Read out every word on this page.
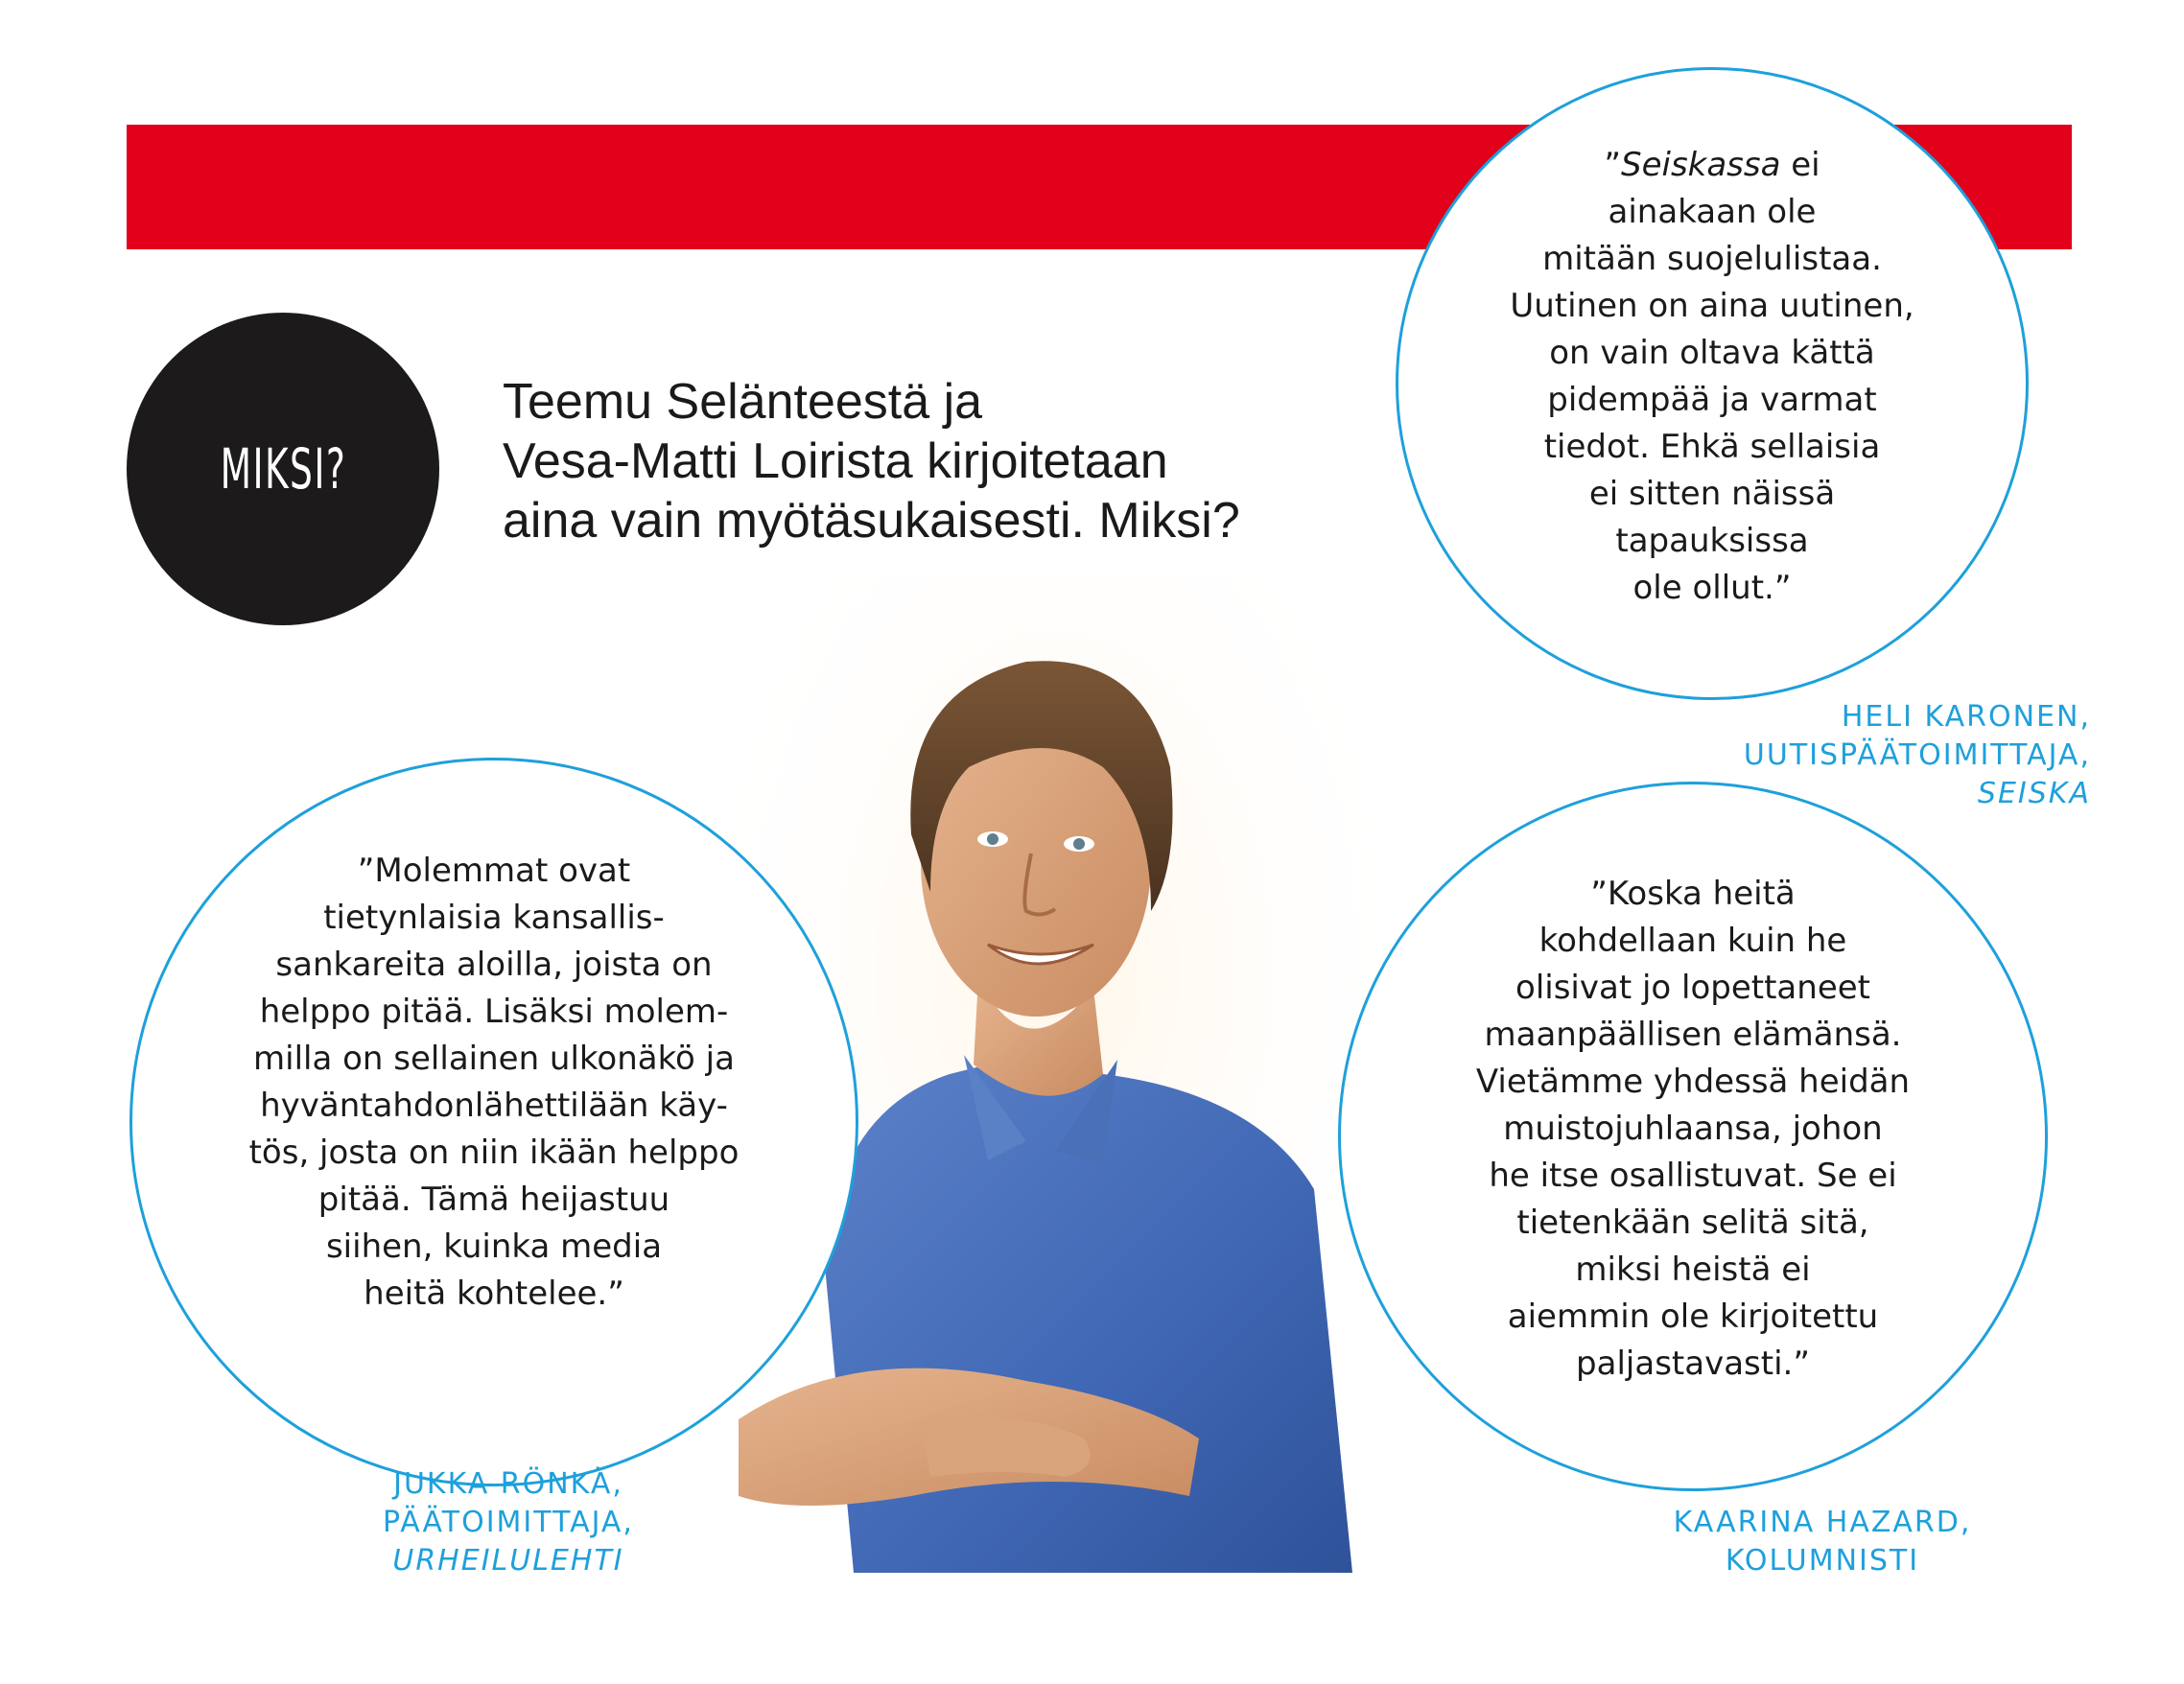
MIKSI?
Teemu Selänteestä ja
Vesa-Matti Loirista kirjoitetaan
aina vain myötäsukaisesti. Miksi?
”Seiskassa ei
ainakaan ole
mitään suojelulistaa.
Uutinen on aina uutinen,
on vain oltava kättä
pidempää ja varmat
tiedot. Ehkä sellaisia
ei sitten näissä
tapauksissa
ole ollut.”
HELI KARONEN,
UUTISPÄÄTOIMITTAJA,
SEISKA
”Molemmat ovat
tietynlaisia kansallis-
sankareita aloilla, joista on
helppo pitää. Lisäksi molem-
milla on sellainen ulkonäkö ja
hyväntahdonlähettilään käy-
tös, josta on niin ikään helppo
pitää. Tämä heijastuu
siihen, kuinka media
heitä kohtelee.”
JUKKA RÖNKÄ,
PÄÄTOIMITTAJA,
URHEILULEHTI
”Koska heitä
kohdellaan kuin he
olisivat jo lopettaneet
maanpäällisen elämänsä.
Vietämme yhdessä heidän
muistojuhlaansa, johon
he itse osallistuvat. Se ei
tietenkään selitä sitä,
miksi heistä ei
aiemmin ole kirjoitettu
paljastavasti.”
KAARINA HAZARD,
KOLUMNISTI
